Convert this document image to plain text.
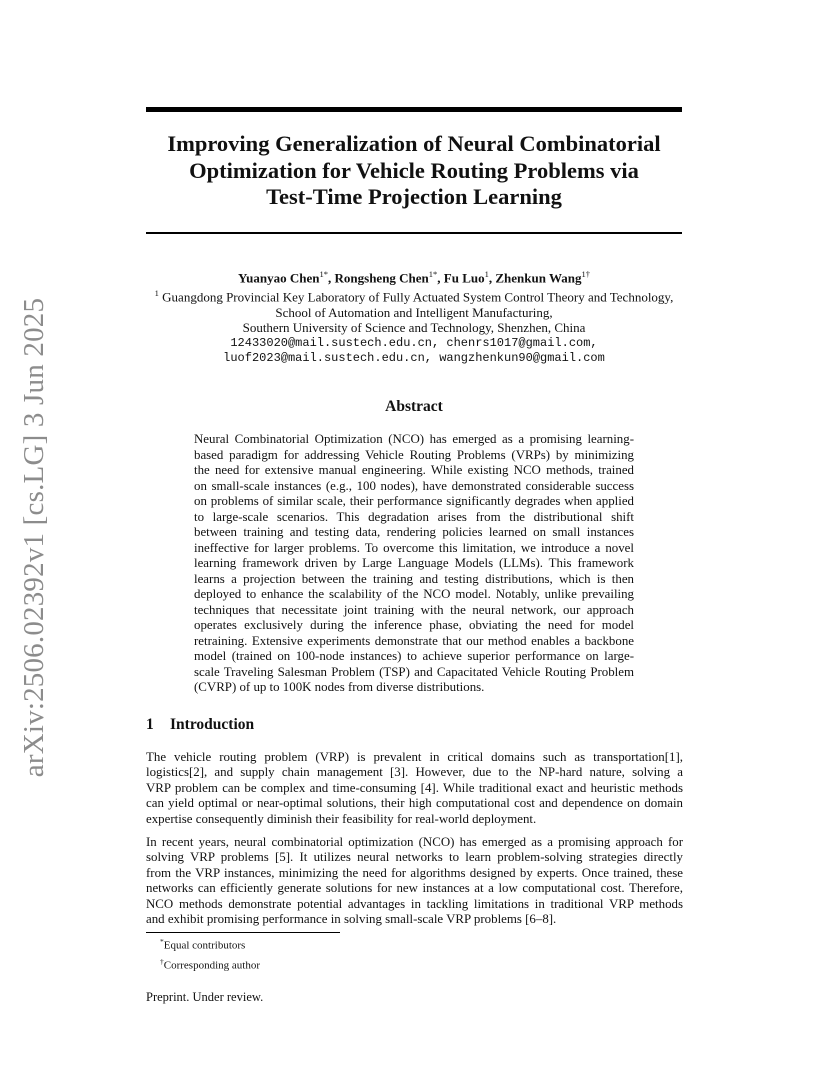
arXiv:2506.02392v1 [cs.LG] 3 Jun 2025
Improving Generalization of Neural Combinatorial
Optimization for Vehicle Routing Problems via
Test-Time Projection Learning
Yuanyao Chen$^{1*}$, Rongsheng Chen$^{1*}$, Fu Luo$^1$, Zhenkun Wang$^{1\dagger}$
$^1$ Guangdong Provincial Key Laboratory of Fully Actuated System Control Theory and Technology,
School of Automation and Intelligent Manufacturing,
Southern University of Science and Technology, Shenzhen, China
12433020@mail.sustech.edu.cn, chenrs1017@gmail.com,
luof2023@mail.sustech.edu.cn, wangzhenkun90@gmail.com
Abstract
Neural Combinatorial Optimization (NCO) has emerged as a promising learning-
based paradigm for addressing Vehicle Routing Problems (VRPs) by minimizing
the need for extensive manual engineering. While existing NCO methods, trained
on small-scale instances (e.g., 100 nodes), have demonstrated considerable success
on problems of similar scale, their performance significantly degrades when applied
to large-scale scenarios. This degradation arises from the distributional shift
between training and testing data, rendering policies learned on small instances
ineffective for larger problems. To overcome this limitation, we introduce a novel
learning framework driven by Large Language Models (LLMs). This framework
learns a projection between the training and testing distributions, which is then
deployed to enhance the scalability of the NCO model. Notably, unlike prevailing
techniques that necessitate joint training with the neural network, our approach
operates exclusively during the inference phase, obviating the need for model
retraining. Extensive experiments demonstrate that our method enables a backbone
model (trained on 100-node instances) to achieve superior performance on large-
scale Traveling Salesman Problem (TSP) and Capacitated Vehicle Routing Problem
(CVRP) of up to 100K nodes from diverse distributions.
1 Introduction
The vehicle routing problem (VRP) is prevalent in critical domains such as transportation[1],
logistics[2], and supply chain management [3]. However, due to the NP-hard nature, solving a
VRP problem can be complex and time-consuming [4]. While traditional exact and heuristic methods
can yield optimal or near-optimal solutions, their high computational cost and dependence on domain
expertise consequently diminish their feasibility for real-world deployment.
In recent years, neural combinatorial optimization (NCO) has emerged as a promising approach for
solving VRP problems [5]. It utilizes neural networks to learn problem-solving strategies directly
from the VRP instances, minimizing the need for algorithms designed by experts. Once trained, these
networks can efficiently generate solutions for new instances at a low computational cost. Therefore,
NCO methods demonstrate potential advantages in tackling limitations in traditional VRP methods
and exhibit promising performance in solving small-scale VRP problems [6–8].
*Equal contributors
†Corresponding author
Preprint. Under review.
